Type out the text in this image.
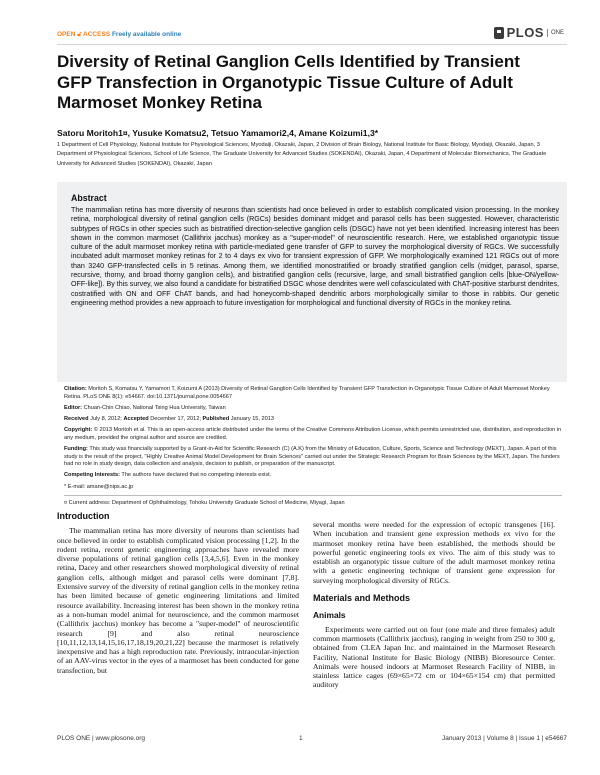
OPEN 🔓︎ ACCESS Freely available online	PLOS	ONE
Diversity of Retinal Ganglion Cells Identified by Transient GFP Transfection in Organotypic Tissue Culture of Adult Marmoset Monkey Retina
Satoru Moritoh1¤, Yusuke Komatsu2, Tetsuo Yamamori2,4, Amane Koizumi1,3*
1 Department of Cell Physiology, National Institute for Physiological Sciences, Myodaiji, Okazaki, Japan, 2 Division of Brain Biology, National Institute for Basic Biology, Myodaiji, Okazaki, Japan, 3 Department of Physiological Sciences, School of Life Science, The Graduate University for Advanced Studies (SOKENDAI), Okazaki, Japan, 4 Department of Molecular Biomechanics, The Graduate University for Advanced Studies (SOKENDAI), Okazaki, Japan
Abstract

The mammalian retina has more diversity of neurons than scientists had once believed in order to establish complicated vision processing. In the monkey retina, morphological diversity of retinal ganglion cells (RGCs) besides dominant midget and parasol cells has been suggested. However, characteristic subtypes of RGCs in other species such as bistratified direction-selective ganglion cells (DSGC) have not yet been identified. Increasing interest has been shown in the common marmoset (Callithrix jacchus) monkey as a "super-model" of neuroscientific research. Here, we established organotypic tissue culture of the adult marmoset monkey retina with particle-mediated gene transfer of GFP to survey the morphological diversity of RGCs. We successfully incubated adult marmoset monkey retinas for 2 to 4 days ex vivo for transient expression of GFP. We morphologically examined 121 RGCs out of more than 3240 GFP-transfected cells in 5 retinas. Among them, we identified monostratified or broadly stratified ganglion cells (midget, parasol, sparse, recursive, thorny, and broad thorny ganglion cells), and bistratified ganglion cells (recursive, large, and small bistratified ganglion cells [blue-ON/yellow-OFF-like]). By this survey, we also found a candidate for bistratified DSGC whose dendrites were well cofasciculated with ChAT-positive starburst dendrites, costratified with ON and OFF ChAT bands, and had honeycomb-shaped dendritic arbors morphologically similar to those in rabbits. Our genetic engineering method provides a new approach to future investigation for morphological and functional diversity of RGCs in the monkey retina.

Citation: Moritoh S, Komatsu Y, Yamamori T, Koizumi A (2013) Diversity of Retinal Ganglion Cells Identified by Transient GFP Transfection in Organotypic Tissue Culture of Adult Marmoset Monkey Retina. PLoS ONE 8(1): e54667. doi:10.1371/journal.pone.0054667

Editor: Chuan-Chin Chiao, National Tsing Hua University, Taiwan

Received July 8, 2012; Accepted December 17, 2012; Published January 15, 2013

Copyright: © 2013 Moritoh et al. This is an open-access article distributed under the terms of the Creative Commons Attribution License, which permits unrestricted use, distribution, and reproduction in any medium, provided the original author and source are credited.

Funding: This study was financially supported by a Grant-in-Aid for Scientific Research (C) (A.K) from the Ministry of Education, Culture, Sports, Science and Technology (MEXT), Japan. A part of this study is the result of the project, "Highly Creative Animal Model Development for Brain Sciences" carried out under the Strategic Research Program for Brain Sciences by the MEXT, Japan. The funders had no role in study design, data collection and analysis, decision to publish, or preparation of the manuscript.

Competing Interests: The authors have declared that no competing interests exist.

* E-mail: amane@nips.ac.jp

¤ Current address: Department of Ophthalmology, Tohoku University Graduate School of Medicine, Miyagi, Japan

Introduction

The mammalian retina has more diversity of neurons than scientists had once believed in order to establish complicated vision processing [1,2]. In the rodent retina, recent genetic engineering approaches have revealed more diverse populations of retinal ganglion cells [3,4,5,6]. Even in the monkey retina, Dacey and other researchers showed morphological diversity of retinal ganglion cells, although midget and parasol cells were dominant [7,8]. Extensive survey of the diversity of retinal ganglion cells in the monkey retina has been limited because of genetic engineering limitations and limited resource availability. Increasing interest has been shown in the monkey retina as a non-human model animal for neuroscience, and the common marmoset (Callithrix jacchus) monkey has become a "super-model" of neuroscientific research [9] and also retinal neuroscience [10,11,12,13,14,15,16,17,18,19,20,21,22] because the marmoset is relatively inexpensive and has a high reproduction rate. Previously, intraocular-injection of an AAV-virus vector in the eyes of a marmoset has been conducted for gene transfection, but

several months were needed for the expression of ectopic transgenes [16]. When incubation and transient gene expression methods ex vivo for the marmoset monkey retina have been established, the methods should be powerful genetic engineering tools ex vivo. The aim of this study was to establish an organotypic tissue culture of the adult marmoset monkey retina with a genetic engineering technique of transient gene expression for surveying morphological diversity of RGCs.

Materials and Methods
Animals

Experiments were carried out on four (one male and three females) adult common marmosets (Callithrix jacchus), ranging in weight from 250 to 300 g, obtained from CLEA Japan Inc. and maintained in the Marmoset Research Facility, National Institute for Basic Biology (NIBB) Bioresource Center. Animals were housed indoors at Marmoset Research Facility of NIBB, in stainless lattice cages (69×65×72 cm or 104×65×154 cm) that permitted auditory

PLOS ONE | www.plosone.org	1	January 2013 | Volume 8 | Issue 1 | e54667
